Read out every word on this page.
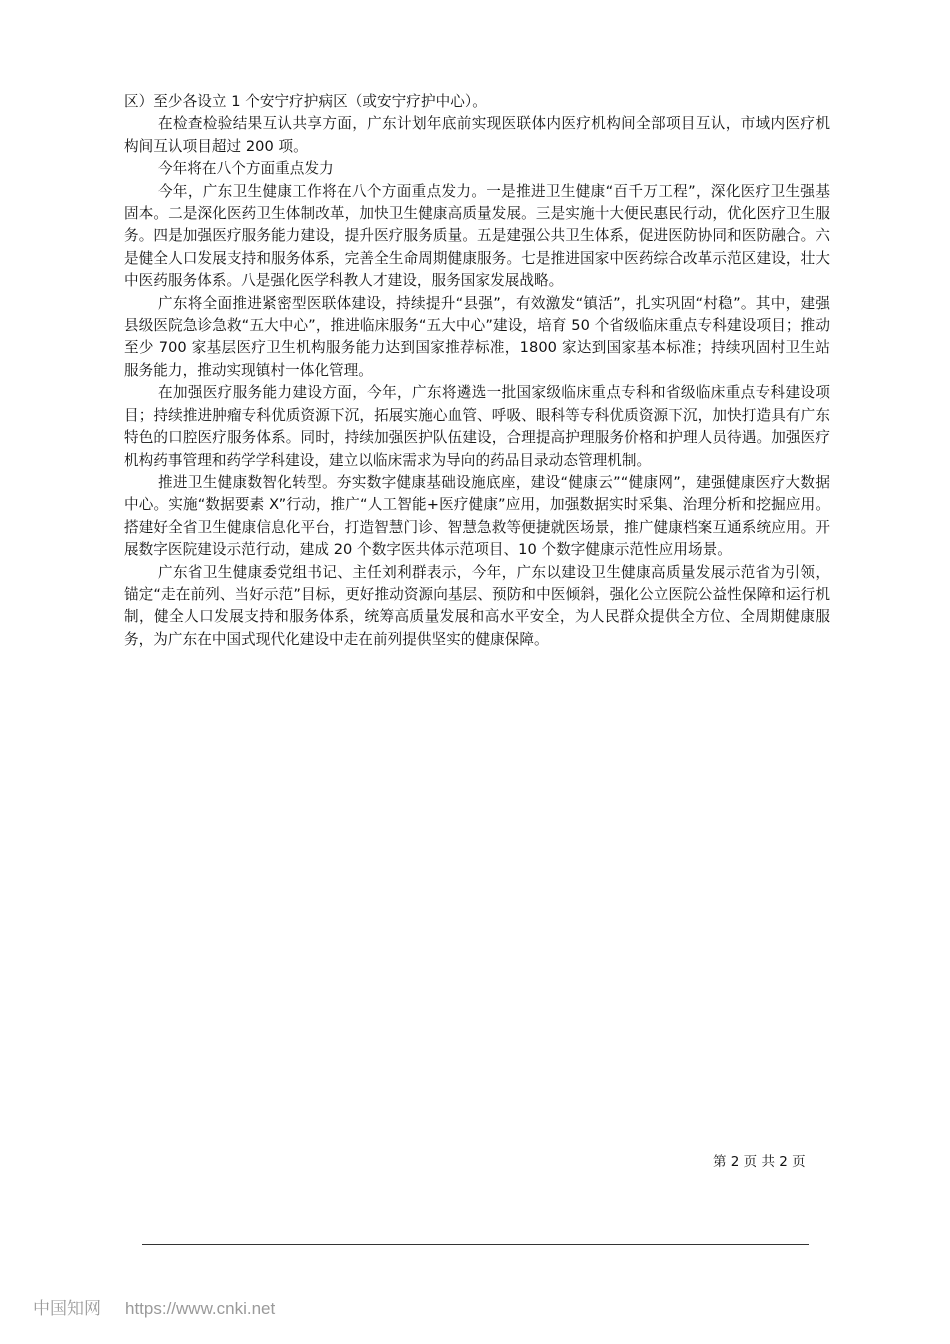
区）至少各设立 1 个安宁疗护病区（或安宁疗护中心）。

在检查检验结果互认共享方面，广东计划年底前实现医联体内医疗机构间全部项目互认，市域内医疗机构间互认项目超过 200 项。

今年将在八个方面重点发力

今年，广东卫生健康工作将在八个方面重点发力。一是推进卫生健康“百千万工程”，深化医疗卫生强基固本。二是深化医药卫生体制改革，加快卫生健康高质量发展。三是实施十大便民惠民行动，优化医疗卫生服务。四是加强医疗服务能力建设，提升医疗服务质量。五是建强公共卫生体系，促进医防协同和医防融合。六是健全人口发展支持和服务体系，完善全生命周期健康服务。七是推进国家中医药综合改革示范区建设，壮大中医药服务体系。八是强化医学科教人才建设，服务国家发展战略。

广东将全面推进紧密型医联体建设，持续提升“县强”，有效激发“镇活”，扎实巩固“村稳”。其中，建强县级医院急诊急救“五大中心”，推进临床服务“五大中心”建设，培育 50 个省级临床重点专科建设项目；推动至少 700 家基层医疗卫生机构服务能力达到国家推荐标准，1800 家达到国家基本标准；持续巩固村卫生站服务能力，推动实现镇村一体化管理。

在加强医疗服务能力建设方面，今年，广东将遴选一批国家级临床重点专科和省级临床重点专科建设项目；持续推进肿瘤专科优质资源下沉，拓展实施心血管、呼吸、眼科等专科优质资源下沉，加快打造具有广东特色的口腔医疗服务体系。同时，持续加强医护队伍建设，合理提高护理服务价格和护理人员待遇。加强医疗机构药事管理和药学学科建设，建立以临床需求为导向的药品目录动态管理机制。

推进卫生健康数智化转型。夯实数字健康基础设施底座，建设“健康云”“健康网”，建强健康医疗大数据中心。实施“数据要素 X”行动，推广“人工智能+医疗健康”应用，加强数据实时采集、治理分析和挖掘应用。搭建好全省卫生健康信息化平台，打造智慧门诊、智慧急救等便捷就医场景，推广健康档案互通系统应用。开展数字医院建设示范行动，建成 20 个数字医共体示范项目、10 个数字健康示范性应用场景。

广东省卫生健康委党组书记、主任刘利群表示，今年，广东以建设卫生健康高质量发展示范省为引领，锚定“走在前列、当好示范”目标，更好推动资源向基层、预防和中医倾斜，强化公立医院公益性保障和运行机制，健全人口发展支持和服务体系，统筹高质量发展和高水平安全，为人民群众提供全方位、全周期健康服务，为广东在中国式现代化建设中走在前列提供坚实的健康保障。

第 2 页 共 2 页
中国知网 https://www.cnki.net
